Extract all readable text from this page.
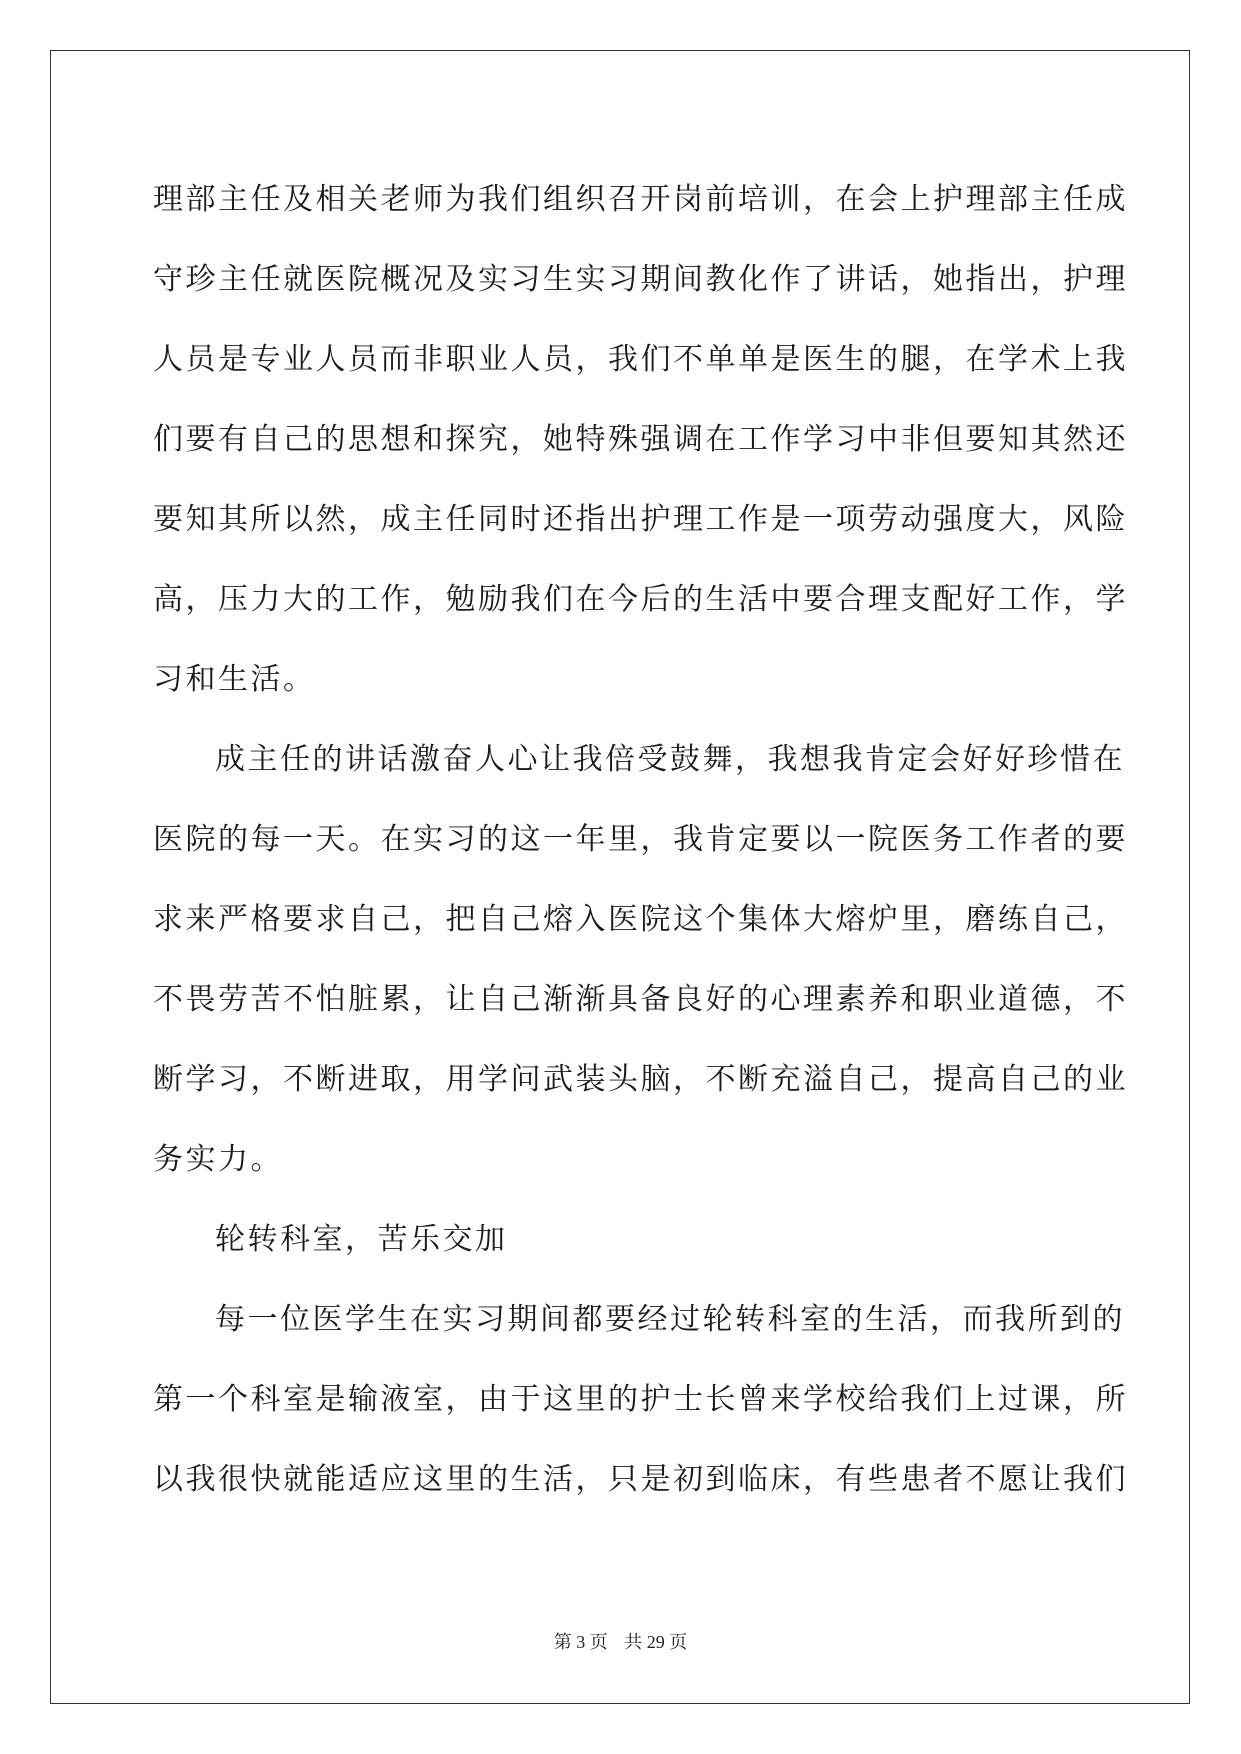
理部主任及相关老师为我们组织召开岗前培训，在会上护理部主任成

守珍主任就医院概况及实习生实习期间教化作了讲话，她指出，护理

人员是专业人员而非职业人员，我们不单单是医生的腿，在学术上我

们要有自己的思想和探究，她特殊强调在工作学习中非但要知其然还

要知其所以然，成主任同时还指出护理工作是一项劳动强度大，风险

高，压力大的工作，勉励我们在今后的生活中要合理支配好工作，学

习和生活。

成主任的讲话激奋人心让我倍受鼓舞，我想我肯定会好好珍惜在

医院的每一天。在实习的这一年里，我肯定要以一院医务工作者的要

求来严格要求自己，把自己熔入医院这个集体大熔炉里，磨练自己，

不畏劳苦不怕脏累，让自己渐渐具备良好的心理素养和职业道德，不

断学习，不断进取，用学问武装头脑，不断充溢自己，提高自己的业

务实力。

轮转科室，苦乐交加

每一位医学生在实习期间都要经过轮转科室的生活，而我所到的

第一个科室是输液室，由于这里的护士长曾来学校给我们上过课，所

以我很快就能适应这里的生活，只是初到临床，有些患者不愿让我们

第 3 页 共 29 页
